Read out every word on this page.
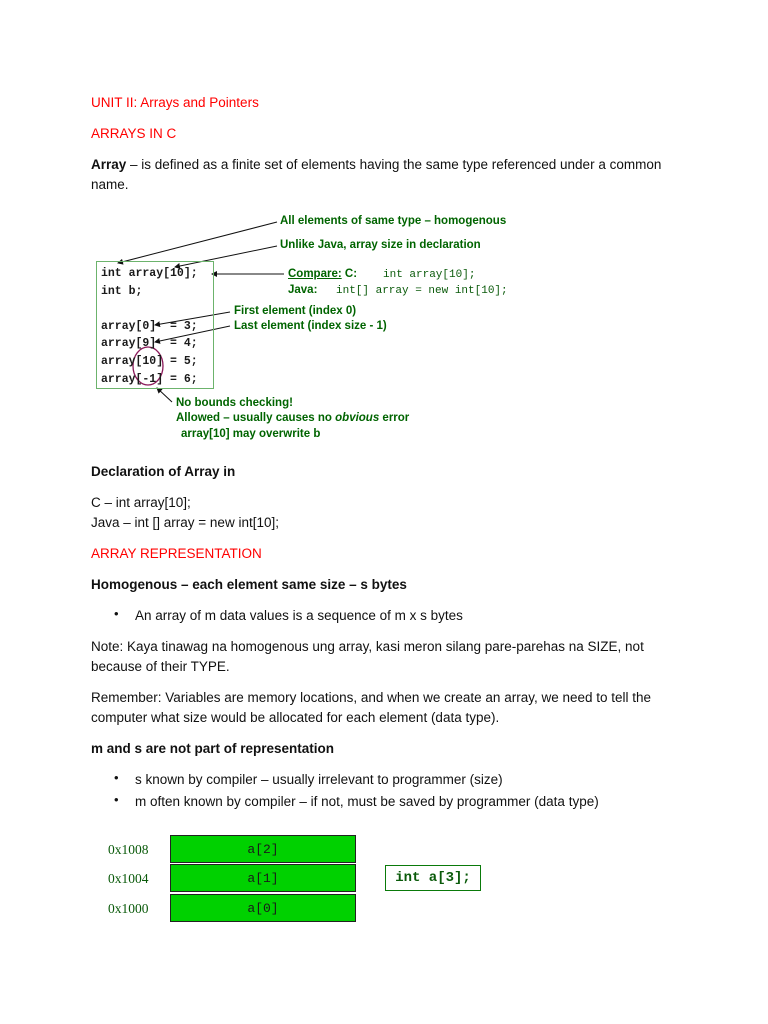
UNIT II: Arrays and Pointers
ARRAYS IN C
Array – is defined as a finite set of elements having the same type referenced under a common
name.
int array[10];
int b;

array[0]  = 3;
array[9]  = 4;
array[10] = 5;
array[-1] = 6;
All elements of same type – homogenous
Unlike Java, array size in declaration
Compare: C: int array[10];
Java: int[] array = new int[10];
First element (index 0)
Last element (index size - 1)
No bounds checking!
Allowed – usually causes no obvious error
array[10] may overwrite b
Declaration of Array in
C – int array[10];
Java – int [] array = new int[10];
ARRAY REPRESENTATION
Homogenous – each element same size – s bytes
• An array of m data values is a sequence of m x s bytes
Note: Kaya tinawag na homogenous ung array, kasi meron silang pare-parehas na SIZE, not
because of their TYPE.
Remember: Variables are memory locations, and when we create an array, we need to tell the
computer what size would be allocated for each element (data type).
m and s are not part of representation
• s known by compiler – usually irrelevant to programmer (size)
• m often known by compiler – if not, must be saved by programmer (data type)
0x1008
0x1004
0x1000
a[2]
a[1]
a[0]
int a[3];
